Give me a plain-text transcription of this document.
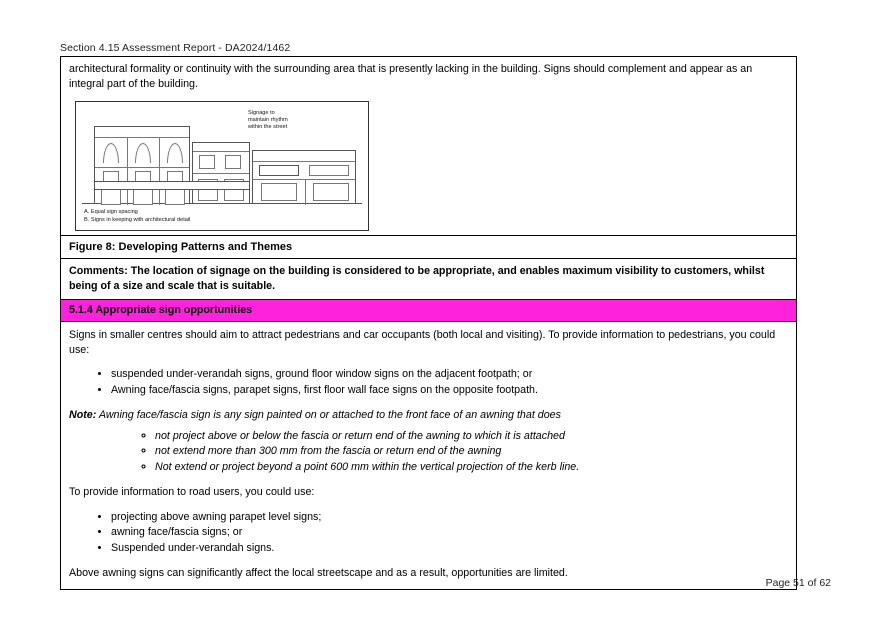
Section 4.15 Assessment Report - DA2024/1462
architectural formality or continuity with the surrounding area that is presently lacking in the building. Signs should complement and appear as an integral part of the building.
Signage to
maintain rhythm
within the street
A. Equal sign spacing
B. Signs in keeping with architectural detail
Figure 8: Developing Patterns and Themes
Comments: The location of signage on the building is considered to be appropriate, and enables maximum visibility to customers, whilst being of a size and scale that is suitable.
5.1.4 Appropriate sign opportunities

Signs in smaller centres should aim to attract pedestrians and car occupants (both local and visiting). To provide information to pedestrians, you could use:

• suspended under-verandah signs, ground floor window signs on the adjacent footpath; or
• Awning face/fascia signs, parapet signs, first floor wall face signs on the opposite footpath.
Note: Awning face/fascia sign is any sign painted on or attached to the front face of an awning that does
◦ not project above or below the fascia or return end of the awning to which it is attached
◦ not extend more than 300 mm from the fascia or return end of the awning
◦ Not extend or project beyond a point 600 mm within the vertical projection of the kerb line.

To provide information to road users, you could use:

• projecting above awning parapet level signs;
• awning face/fascia signs; or
• Suspended under-verandah signs.

Above awning signs can significantly affect the local streetscape and as a result, opportunities are limited.

Page 51 of 62
